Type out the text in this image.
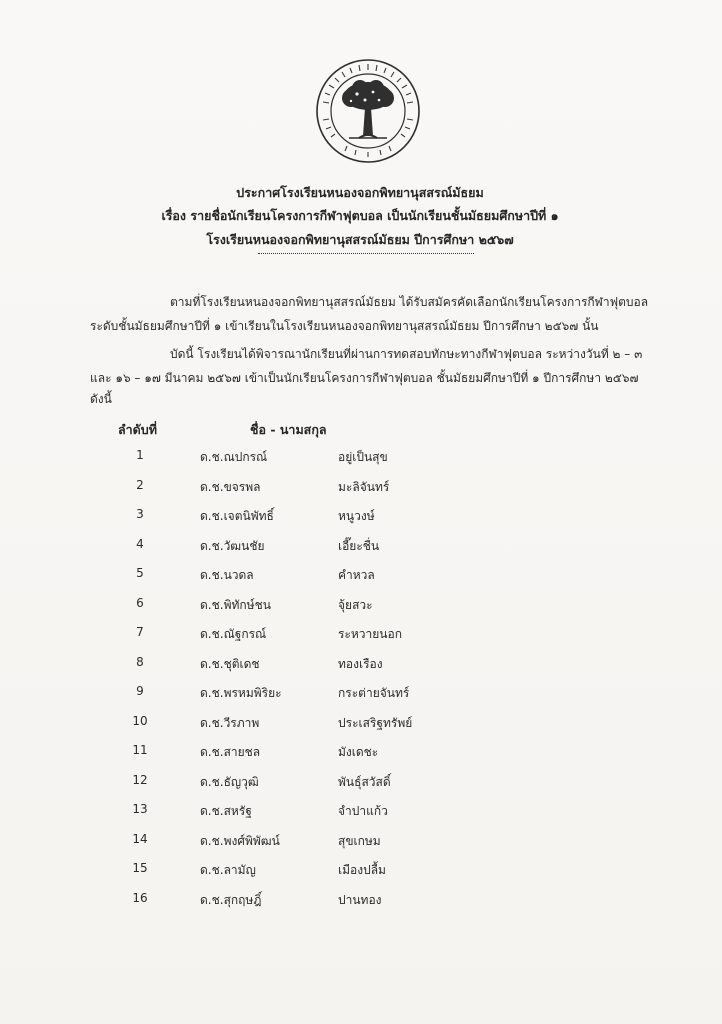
ประกาศโรงเรียนหนองจอกพิทยานุสสรณ์มัธยม
เรื่อง รายชื่อนักเรียนโครงการกีฬาฟุตบอล เป็นนักเรียนชั้นมัธยมศึกษาปีที่ ๑
โรงเรียนหนองจอกพิทยานุสสรณ์มัธยม ปีการศึกษา ๒๕๖๗
ตามที่โรงเรียนหนองจอกพิทยานุสสรณ์มัธยม ได้รับสมัครคัดเลือกนักเรียนโครงการกีฬาฟุตบอล
ระดับชั้นมัธยมศึกษาปีที่ ๑ เข้าเรียนในโรงเรียนหนองจอกพิทยานุสสรณ์มัธยม ปีการศึกษา ๒๕๖๗ นั้น
บัดนี้ โรงเรียนได้พิจารณานักเรียนที่ผ่านการทดสอบทักษะทางกีฬาฟุตบอล ระหว่างวันที่ ๒ – ๓
และ ๑๖ – ๑๗ มีนาคม ๒๕๖๗ เข้าเป็นนักเรียนโครงการกีฬาฟุตบอล ชั้นมัธยมศึกษาปีที่ ๑ ปีการศึกษา ๒๕๖๗
ดังนี้
ลำดับที่	ชื่อ - นามสกุล
1	ด.ช.ณปกรณ์	อยู่เป็นสุข
2	ด.ช.ขจรพล	มะลิจันทร์
3	ด.ช.เจตนิพัทธิ์	หนูวงษ์
4	ด.ช.วัฒนชัย	เอี๊ยะชื่น
5	ด.ช.นวดล	คำหวล
6	ด.ช.พิทักษ์ชน	จุ้ยสวะ
7	ด.ช.ณัฐกรณ์	ระหวายนอก
8	ด.ช.ชุติเดช	ทองเรือง
9	ด.ช.พรหมพิริยะ	กระต่ายจันทร์
10	ด.ช.วีรภาพ	ประเสริฐทรัพย์
11	ด.ช.สายชล	มังเดชะ
12	ด.ช.ธัญวุฒิ	พันธุ์สวัสดิ์
13	ด.ช.สหรัฐ	จำปาแก้ว
14	ด.ช.พงศ์พิพัฒน์	สุขเกษม
15	ด.ช.ลามัญ	เมืองปลื้ม
16	ด.ช.สุกฤษฎิ์	ปานทอง
